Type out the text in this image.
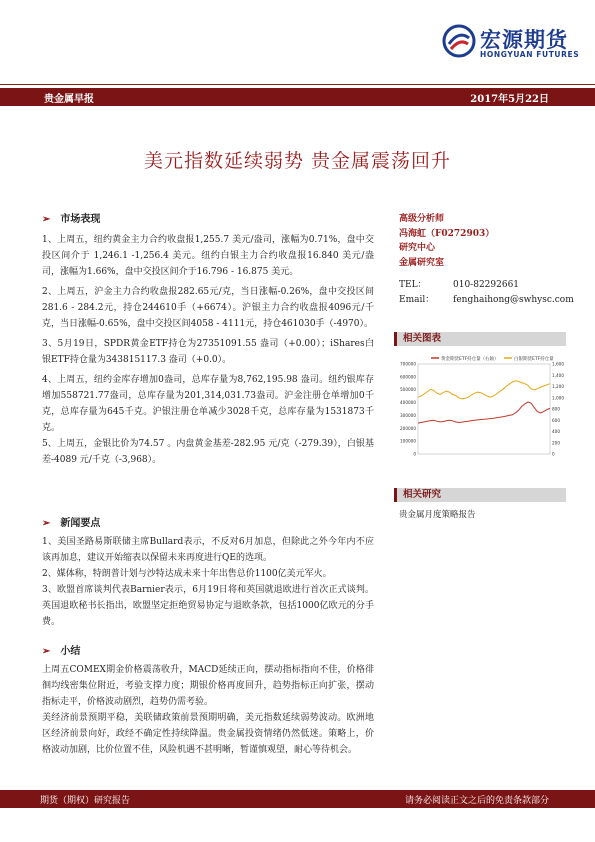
宏源期货
HONGYUAN FUTURES
贵金属早报	2017年5月22日
美元指数延续弱势 贵金属震荡回升
➢ 市场表现

1、上周五，纽约黄金主力合约收盘报1,255.7 美元/盎司，涨幅为0.71%，盘中交投区间介于 1,246.1 -1,256.4 美元。纽约白银主力合约收盘报16.840 美元/盎司，涨幅为1.66%，盘中交投区间介于16.796 - 16.875 美元。

2、上周五，沪金主力合约收盘报282.65元/克，当日涨幅-0.26%，盘中交投区间281.6 - 284.2元，持仓244610手（+6674）。沪银主力合约收盘报4096元/千克，当日涨幅-0.65%，盘中交投区间4058 - 4111元，持仓461030手（-4970）。

3、5月19日，SPDR黄金ETF持仓为27351091.55 盎司（+0.00）；iShares白银ETF持仓量为343815117.3 盎司（+0.0）。

4、上周五，纽约金库存增加0盎司，总库存量为8,762,195.98 盎司。纽约银库存增加558721.77盎司，总库存量为201,314,031.73盎司。沪金注册仓单增加0千克，总库存量为645千克。沪银注册仓单减少3028千克，总库存量为1531873千克。

5、上周五，金银比价为74.57 。内盘黄金基差-282.95 元/克（-279.39），白银基差-4089 元/千克（-3,968）。

➢ 新闻要点

1、美国圣路易斯联储主席Bullard表示，不反对6月加息，但除此之外今年内不应该再加息，建议开始缩表以保留未来再度进行QE的选项。

2、媒体称，特朗普计划与沙特达成未来十年出售总价1100亿美元军火。

3、欧盟首席谈判代表Barnier表示，6月19日将和英国就退欧进行首次正式谈判。英国退欧秘书长指出，欧盟坚定拒绝贸易协定与退欧条款，包括1000亿欧元的分手费。

➢ 小结

上周五COMEX期金价格震荡收升，MACD延续正向，摆动指标指向不佳，价格徘徊均线密集位附近，考验支撑力度；期银价格再度回升，趋势指标正向扩张，摆动指标走平，价格波动剧烈，趋势仍需考验。

美经济前景预期平稳，美联储政策前景预期明确，美元指数延续弱势波动。欧洲地区经济前景向好，政经不确定性持续降温。贵金属投资情绪仍然低迷。策略上，价格波动加剧，比价位置不佳，风险机遇不甚明晰，暂谨慎观望，耐心等待机会。

高级分析师
冯海虹（F0272903）
研究中心
金属研究室
TEL：	010-82292661
Email： fenghaihong@swhysc.com
相关图表
700000
600000
500000
400000
300000
200000
100000
0
1,600
1,400
1,200
1,000
800
600
400
200
0
黄金期货ETF持仓量（右轴）	白银期货ETF持仓量
相关研究
贵金属月度策略报告
期货（期权）研究报告	请务必阅读正文之后的免责条款部分
